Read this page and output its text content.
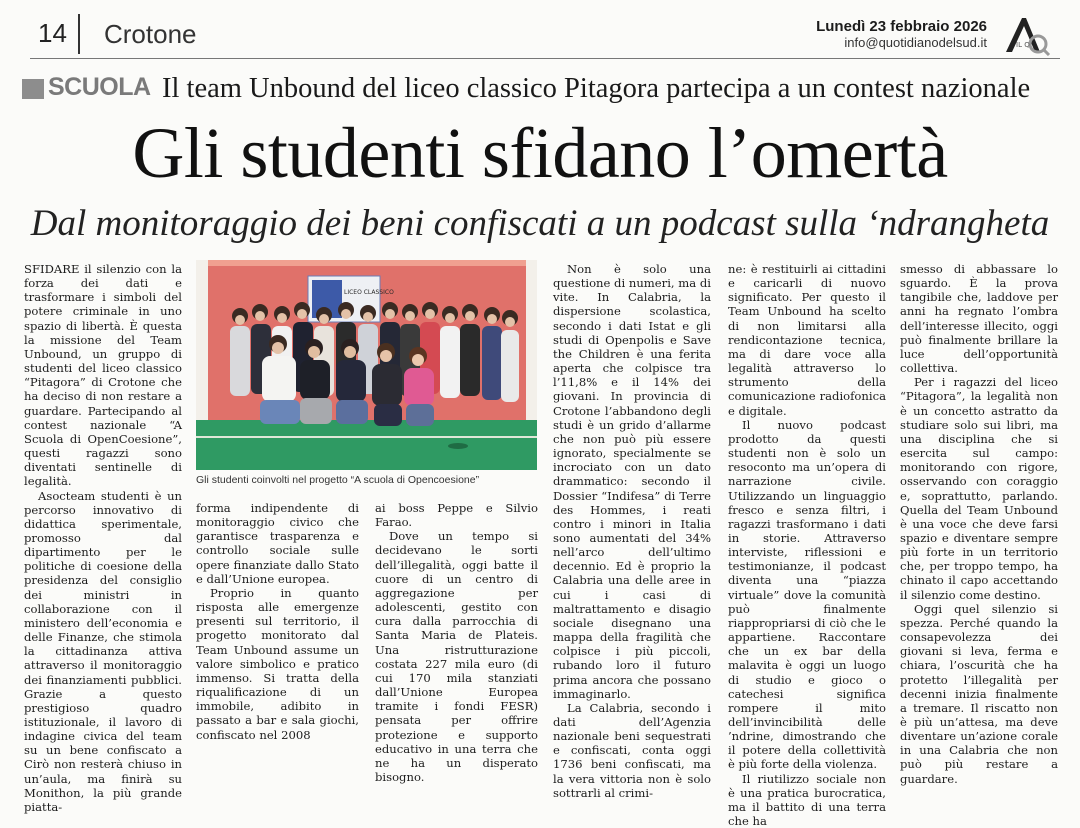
14 Crotone	Lunedì 23 febbraio 2026
info@quotidianodelsud.it	IL Q
SCUOLA Il team Unbound del liceo classico Pitagora partecipa a un contest nazionale
Gli studenti sfidano l’omertà
Dal monitoraggio dei beni confiscati a un podcast sulla ‘ndrangheta
LICEO CLASSICO
Gli studenti coinvolti nel progetto “A scuola di Opencoesione”

SFIDARE il silenzio con la forza dei dati e trasformare i simboli del potere criminale in uno spazio di libertà. È questa la missione del Team Unbound, un gruppo di studenti del liceo classico “Pitagora” di Crotone che ha deciso di non restare a guardare. Partecipando al contest nazionale “A Scuola di OpenCoesione”, questi ragazzi sono diventati sentinelle di legalità.

Asocteam studenti è un percorso innovativo di didattica sperimentale, promosso dal dipartimento per le politiche di coesione della presidenza del consiglio dei ministri in collaborazione con il ministero dell’economia e delle Finanze, che stimola la cittadinanza attiva attraverso il monitoraggio dei finanziamenti pubblici. Grazie a questo prestigioso quadro istituzionale, il lavoro di indagine civica del team su un bene confiscato a Cirò non resterà chiuso in un’aula, ma finirà su Monithon, la più grande piatta-

forma indipendente di monitoraggio civico che garantisce trasparenza e controllo sociale sulle opere finanziate dallo Stato e dall’Unione europea.

Proprio in quanto risposta alle emergenze presenti sul territorio, il progetto monitorato dal Team Unbound assume un valore simbolico e pratico immenso. Si tratta della riqualificazione di un immobile, adibito in passato a bar e sala giochi, confiscato nel 2008

ai boss Peppe e Silvio Farao.

Dove un tempo si decidevano le sorti dell’illegalità, oggi batte il cuore di un centro di aggregazione per adolescenti, gestito con cura dalla parrocchia di Santa Maria de Plateis. Una ristrutturazione costata 227 mila euro (di cui 170 mila stanziati dall’Unione Europea tramite i fondi FESR) pensata per offrire protezione e supporto educativo in una terra che ne ha un disperato bisogno.

Non è solo una questione di numeri, ma di vite. In Calabria, la dispersione scolastica, secondo i dati Istat e gli studi di Openpolis e Save the Children è una ferita aperta che colpisce tra l’11,8% e il 14% dei giovani. In provincia di Crotone l’abbandono degli studi è un grido d’allarme che non può più essere ignorato, specialmente se incrociato con un dato drammatico: secondo il Dossier “Indifesa” di Terre des Hommes, i reati contro i minori in Italia sono aumentati del 34% nell’arco dell’ultimo decennio. Ed è proprio la Calabria una delle aree in cui i casi di maltrattamento e disagio sociale disegnano una mappa della fragilità che colpisce i più piccoli, rubando loro il futuro prima ancora che possano immaginarlo.

La Calabria, secondo i dati dell’Agenzia nazionale beni sequestrati e confiscati, conta oggi 1736 beni confiscati, ma la vera vittoria non è solo sottrarli al crimi-

ne: è restituirli ai cittadini e caricarli di nuovo significato. Per questo il Team Unbound ha scelto di non limitarsi alla rendicontazione tecnica, ma di dare voce alla legalità attraverso lo strumento della comunicazione radiofonica e digitale.

Il nuovo podcast prodotto da questi studenti non è solo un resoconto ma un’opera di narrazione civile. Utilizzando un linguaggio fresco e senza filtri, i ragazzi trasformano i dati in storie. Attraverso interviste, riflessioni e testimonianze, il podcast diventa una “piazza virtuale” dove la comunità può finalmente riappropriarsi di ciò che le appartiene. Raccontare che un ex bar della malavita è oggi un luogo di studio e gioco o catechesi significa rompere il mito dell’invincibilità delle ’ndrine, dimostrando che il potere della collettività è più forte della violenza.

Il riutilizzo sociale non è una pratica burocratica, ma il battito di una terra che ha

smesso di abbassare lo sguardo. È la prova tangibile che, laddove per anni ha regnato l’ombra dell’interesse illecito, oggi può finalmente brillare la luce dell’opportunità collettiva.

Per i ragazzi del liceo “Pitagora”, la legalità non è un concetto astratto da studiare solo sui libri, ma una disciplina che si esercita sul campo: monitorando con rigore, osservando con coraggio e, soprattutto, parlando. Quella del Team Unbound è una voce che deve farsi spazio e diventare sempre più forte in un territorio che, per troppo tempo, ha chinato il capo accettando il silenzio come destino.

Oggi quel silenzio si spezza. Perché quando la consapevolezza dei giovani si leva, ferma e chiara, l’oscurità che ha protetto l’illegalità per decenni inizia finalmente a tremare. Il riscatto non è più un’attesa, ma deve diventare un’azione corale in una Calabria che non può più restare a guardare.
